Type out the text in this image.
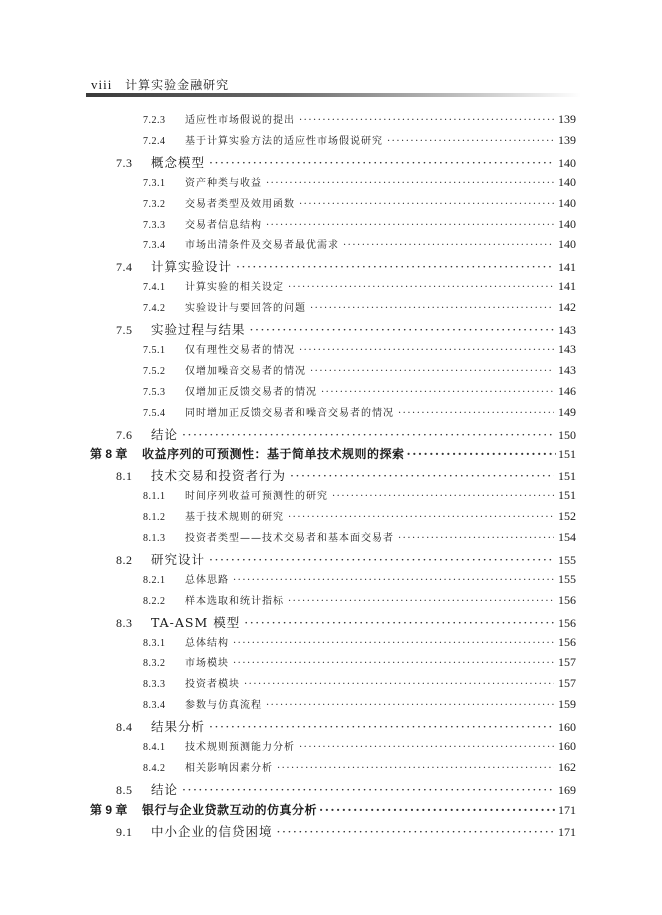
viii 计算实验金融研究
7.2.3	适应性市场假说的提出 ·····	139
7.2.4	基于计算实验方法的适应性市场假说研究 ·····	139
7.3	概念模型 ·····	140
7.3.1	资产种类与收益 ·····	140
7.3.2	交易者类型及效用函数 ·····	140
7.3.3	交易者信息结构 ·····	140
7.3.4	市场出清条件及交易者最优需求 ·····	140
7.4	计算实验设计 ·····	141
7.4.1	计算实验的相关设定 ·····	141
7.4.2	实验设计与要回答的问题 ·····	142
7.5	实验过程与结果 ·····	143
7.5.1	仅有理性交易者的情况 ·····	143
7.5.2	仅增加噪音交易者的情况 ·····	143
7.5.3	仅增加正反馈交易者的情况 ·····	146
7.5.4	同时增加正反馈交易者和噪音交易者的情况 ·····	149
7.6	结论 ·····	150
第 8 章	收益序列的可预测性：基于简单技术规则的探索 ·····	151
8.1	技术交易和投资者行为 ·····	151
8.1.1	时间序列收益可预测性的研究 ·····	151
8.1.2	基于技术规则的研究 ·····	152
8.1.3	投资者类型——技术交易者和基本面交易者 ·····	154
8.2	研究设计 ·····	155
8.2.1	总体思路 ·····	155
8.2.2	样本选取和统计指标 ·····	156
8.3	TA-ASM 模型 ·····	156
8.3.1	总体结构 ·····	156
8.3.2	市场模块 ·····	157
8.3.3	投资者模块 ·····	157
8.3.4	参数与仿真流程 ·····	159
8.4	结果分析 ·····	160
8.4.1	技术规则预测能力分析 ·····	160
8.4.2	相关影响因素分析 ·····	162
8.5	结论 ·····	169
第 9 章	银行与企业贷款互动的仿真分析 ·····	171
9.1	中小企业的信贷困境 ·····	171
